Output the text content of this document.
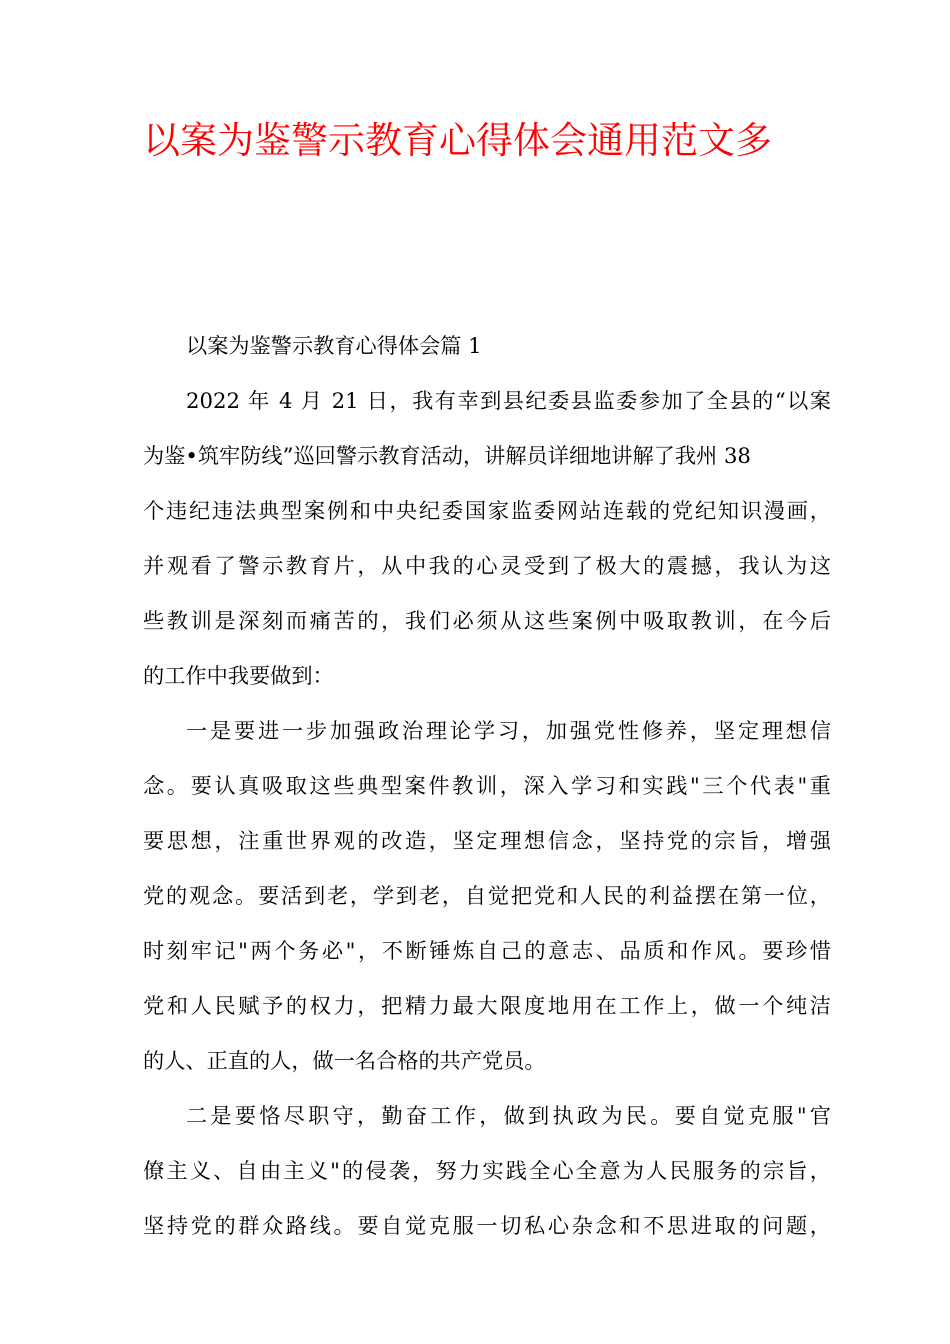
以案为鉴警示教育心得体会通用范文多

以案为鉴警示教育心得体会篇 1

2022 年 4 月 21 日，我有幸到县纪委县监委参加了全县的“以案
为鉴•筑牢防线”巡回警示教育活动，讲解员详细地讲解了我州 38
个违纪违法典型案例和中央纪委国家监委网站连载的党纪知识漫画，
并观看了警示教育片，从中我的心灵受到了极大的震撼，我认为这
些教训是深刻而痛苦的，我们必须从这些案例中吸取教训，在今后
的工作中我要做到：

一是要进一步加强政治理论学习，加强党性修养，坚定理想信
念。要认真吸取这些典型案件教训，深入学习和实践"三个代表"重
要思想，注重世界观的改造，坚定理想信念，坚持党的宗旨，增强
党的观念。要活到老，学到老，自觉把党和人民的利益摆在第一位，
时刻牢记"两个务必"，不断锤炼自己的意志、品质和作风。要珍惜
党和人民赋予的权力，把精力最大限度地用在工作上，做一个纯洁
的人、正直的人，做一名合格的共产党员。

二是要恪尽职守，勤奋工作，做到执政为民。要自觉克服"官
僚主义、自由主义"的侵袭，努力实践全心全意为人民服务的宗旨，
坚持党的群众路线。要自觉克服一切私心杂念和不思进取的问题，
